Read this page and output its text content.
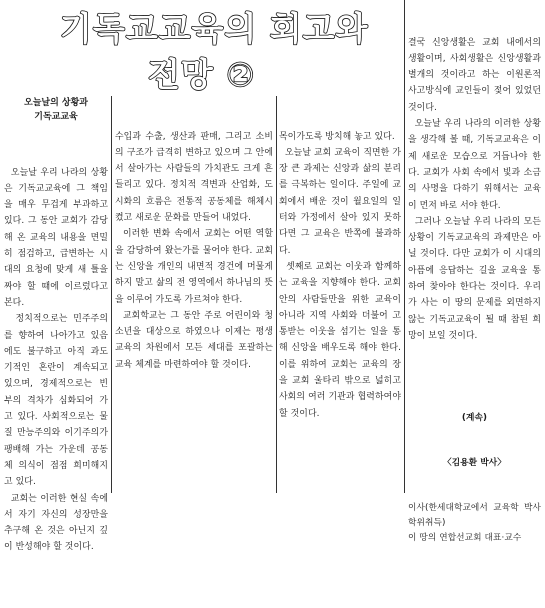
기독교교육의 회고와
전망 ②
오늘날의 상황과
기독교교육

오늘날 우리 나라의 상황은 기독교교육에 그 책임을 매우 무겁게 부과하고 있다. 그 동안 교회가 감당해 온 교육의 내용을 면밀히 점검하고, 급변하는 시대의 요청에 맞게 새 틀을 짜야 할 때에 이르렀다고 본다.
정치적으로는 민주주의를 향하여 나아가고 있음에도 불구하고 아직 과도기적인 혼란이 계속되고 있으며, 경제적으로는 빈부의 격차가 심화되어 가고 있다. 사회적으로는 물질 만능주의와 이기주의가 팽배해 가는 가운데 공동체 의식이 점점 희미해지고 있다.
교회는 이러한 현실 속에서 자기 자신의 성장만을 추구해 온 것은 아닌지 깊이 반성해야 할 것이다.

수입과 수출, 생산과 판매, 그리고 소비의 구조가 급격히 변하고 있으며 그 안에서 살아가는 사람들의 가치관도 크게 흔들리고 있다. 정치적 격변과 산업화, 도시화의 흐름은 전통적 공동체를 해체시켰고 새로운 문화를 만들어 내었다.
이러한 변화 속에서 교회는 어떤 역할을 감당하여 왔는가를 물어야 한다. 교회는 신앙을 개인의 내면적 경건에 머물게 하지 말고 삶의 전 영역에서 하나님의 뜻을 이루어 가도록 가르쳐야 한다.
교회학교는 그 동안 주로 어린이와 청소년을 대상으로 하였으나 이제는 평생교육의 차원에서 모든 세대를 포괄하는 교육 체계를 마련하여야 할 것이다.

목이가도록 방치해 놓고 있다.
오늘날 교회 교육이 직면한 가장 큰 과제는 신앙과 삶의 분리를 극복하는 일이다. 주일에 교회에서 배운 것이 월요일의 일터와 가정에서 살아 있지 못하다면 그 교육은 반쪽에 불과하다.
셋째로 교회는 이웃과 함께하는 교육을 지향해야 한다. 교회 안의 사람들만을 위한 교육이 아니라 지역 사회와 더불어 고통받는 이웃을 섬기는 일을 통해 신앙을 배우도록 해야 한다. 이를 위하여 교회는 교육의 장을 교회 울타리 밖으로 넓히고 사회의 여러 기관과 협력하여야 할 것이다.

결국 신앙생활은 교회 내에서의 생활이며, 사회생활은 신앙생활과 별개의 것이라고 하는 이원론적 사고방식에 교인들이 젖어 있었던 것이다.
오늘날 우리 나라의 이러한 상황을 생각해 볼 때, 기독교교육은 이제 새로운 모습으로 거듭나야 한다. 교회가 사회 속에서 빛과 소금의 사명을 다하기 위해서는 교육이 먼저 바로 서야 한다.
그러나 오늘날 우리 나라의 모든 상황이 기독교교육의 과제만은 아닐 것이다. 다만 교회가 이 시대의 아픔에 응답하는 길을 교육을 통하여 찾아야 한다는 것이다. 우리가 사는 이 땅의 문제를 외면하지 않는 기독교교육이 될 때 참된 희망이 보일 것이다.

(계속)

〈김용환 박사〉

이사(한세대학교에서 교육학 박사 학위취득)
이 땅의 연합선교회 대표·교수
